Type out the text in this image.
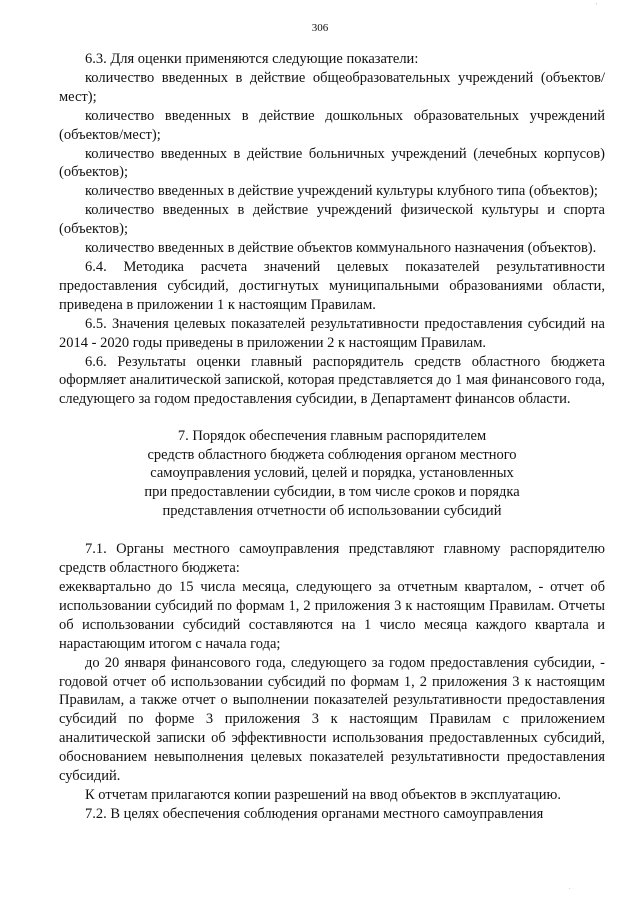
306
'

6.3. Для оценки применяются следующие показатели:

количество введенных в действие общеобразовательных учреждений (объектов/мест);

количество введенных в действие дошкольных образовательных учреждений (объектов/мест);

количество введенных в действие больничных учреждений (лечебных корпусов) (объектов);

количество введенных в действие учреждений культуры клубного типа (объектов);

количество введенных в действие учреждений физической культуры и спорта (объектов);

количество введенных в действие объектов коммунального назначения (объектов).

6.4. Методика расчета значений целевых показателей результативности предоставления субсидий, достигнутых муниципальными образованиями области, приведена в приложении 1 к настоящим Правилам.

6.5. Значения целевых показателей результативности предоставления субсидий на 2014 - 2020 годы приведены в приложении 2 к настоящим Правилам.

6.6. Результаты оценки главный распорядитель средств областного бюджета оформляет аналитической запиской, которая представляется до 1 мая финансового года, следующего за годом предоставления субсидии, в Департамент финансов области.

7. Порядок обеспечения главным распорядителем
средств областного бюджета соблюдения органом местного
самоуправления условий, целей и порядка, установленных
при предоставлении субсидии, в том числе сроков и порядка
представления отчетности об использовании субсидий

7.1. Органы местного самоуправления представляют главному распорядителю средств областного бюджета:

ежеквартально до 15 числа месяца, следующего за отчетным кварталом, - отчет об использовании субсидий по формам 1, 2 приложения 3 к настоящим Правилам. Отчеты об использовании субсидий составляются на 1 число месяца каждого квартала и нарастающим итогом с начала года;

до 20 января финансового года, следующего за годом предоставления субсидии, - годовой отчет об использовании субсидий по формам 1, 2 приложения 3 к настоящим Правилам, а также отчет о выполнении показателей результативности предоставления субсидий по форме 3 приложения 3 к настоящим Правилам с приложением аналитической записки об эффективности использования предоставленных субсидий, обоснованием невыполнения целевых показателей результативности предоставления субсидий.

К отчетам прилагаются копии разрешений на ввод объектов в эксплуатацию.

7.2. В целях обеспечения соблюдения органами местного самоуправления

.
